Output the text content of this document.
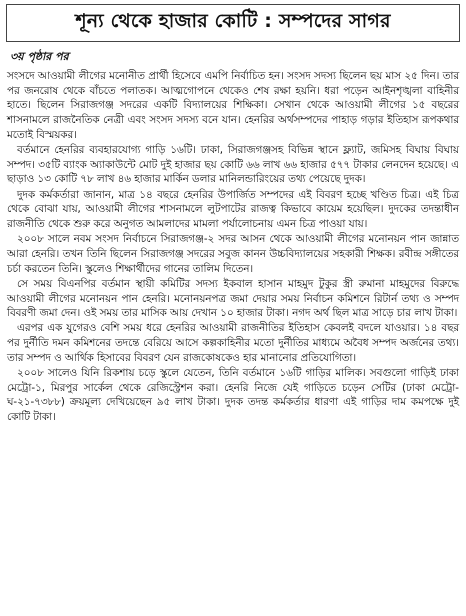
শূন্য থেকে হাজার কোটি : সম্পদের সাগর
৩য় পৃষ্ঠার পর

সংসদে আওয়ামী লীগের মনোনীত প্রার্থী হিসেবে এমপি নির্বাচিত হন। সংসদ সদস্য ছিলেন ছয় মাস ২৫ দিন। তার পর জনরোষ থেকে বাঁচতে পলাতক। আত্মগোপনে থেকেও শেষ রক্ষা হয়নি। ধরা পড়েন আইনশৃঙ্খলা বাহিনীর হাতে। ছিলেন সিরাজগঞ্জ সদরের একটি বিদ্যালয়ের শিক্ষিকা। সেখান থেকে আওয়ামী লীগের ১৫ বছরের শাসনামলে রাজনৈতিক নেত্রী এবং সংসদ সদস্য বনে যান। হেনরির অর্থসম্পদের পাহাড় গড়ার ইতিহাস রূপকথার মতোই বিস্ময়কর।

বর্তমানে হেনরির ব্যবহারযোগ্য গাড়ি ১৬টি। ঢাকা, সিরাজগঞ্জসহ বিভিন্ন স্থানে ফ্ল্যাট, জমিসহ বিঘায় বিঘায় সম্পদ। ৩৫টি ব্যাংক অ্যাকাউন্টে মোট দুই হাজার ছয় কোটি ৬৬ লাখ ৬৬ হাজার ৫৭৭ টাকার লেনদেন হয়েছে। এ ছাড়াও ১৩ কোটি ৭৮ লাখ ৪৬ হাজার মার্কিন ডলার মানিলন্ডারিংয়ের তথ্য পেয়েছে দুদক।

দুদক কর্মকর্তারা জানান, মাত্র ১৪ বছরে হেনরির উপার্জিত সম্পদের এই বিবরণ হচ্ছে খণ্ডিত চিত্র। এই চিত্র থেকে বোঝা যায়, আওয়ামী লীগের শাসনামলে লুটপাটের রাজত্ব কিভাবে কায়েম হয়েছিল। দুদকের তদন্তাধীন রাজনীতি থেকে শুরু করে অনুগত আমলাদের মামলা পর্যালোচনায় এমন চিত্র পাওয়া যায়।

২০০৮ সালে নবম সংসদ নির্বাচনে সিরাজগঞ্জ-২ সদর আসন থেকে আওয়ামী লীগের মনোনয়ন পান জান্নাত আরা হেনরি। তখন তিনি ছিলেন সিরাজগঞ্জ সদরের সবুজ কানন উচ্চবিদ্যালয়ের সহকারী শিক্ষক। রবীন্দ্র সঙ্গীতের চর্চা করতেন তিনি। স্কুলেও শিক্ষার্থীদের গানের তালিম দিতেন।

সে সময় বিএনপির বর্তমান স্থায়ী কমিটির সদস্য ইকবাল হাসান মাহমুদ টুকুর স্ত্রী রুমানা মাহমুদের বিরুদ্ধে আওয়ামী লীগের মনোনয়ন পান হেনরি। মনোনয়নপত্র জমা দেয়ার সময় নির্বাচন কমিশনে রিটার্ন তথ্য ও সম্পদ বিবরণী জমা দেন। ওই সময় তার মাসিক আয় দেখান ১০ হাজার টাকা। নগদ অর্থ ছিল মাত্র সাড়ে চার লাখ টাকা।

এরপর এক যুগেরও বেশি সময় ধরে হেনরির আওয়ামী রাজনীতির ইতিহাস কেবলই বদলে যাওয়ার। ১৪ বছর পর দুর্নীতি দমন কমিশনের তদন্তে বেরিয়ে আসে কল্পকাহিনীর মতো দুর্নীতির মাধ্যমে অবৈধ সম্পদ অর্জনের তথ্য। তার সম্পদ ও আর্থিক হিসাবের বিবরণ যেন রাজকোষকেও হার মানানোর প্রতিযোগিতা।

২০০৮ সালেও যিনি রিকশায় চড়ে স্কুলে যেতেন, তিনি বর্তমানে ১৬টি গাড়ির মালিক। সবগুলো গাড়িই ঢাকা মেট্রো-১, মিরপুর সার্কেল থেকে রেজিস্ট্রেশন করা। হেনরি নিজে যেই গাড়িতে চড়েন সেটির (ঢাকা মেট্রো-ঘ-২১-৭৩৮৮) ক্রয়মূল্য দেখিয়েছেন ৯৫ লাখ টাকা। দুদক তদন্ত কর্মকর্তার ধারণা এই গাড়ির দাম কমপক্ষে দুই কোটি টাকা।
